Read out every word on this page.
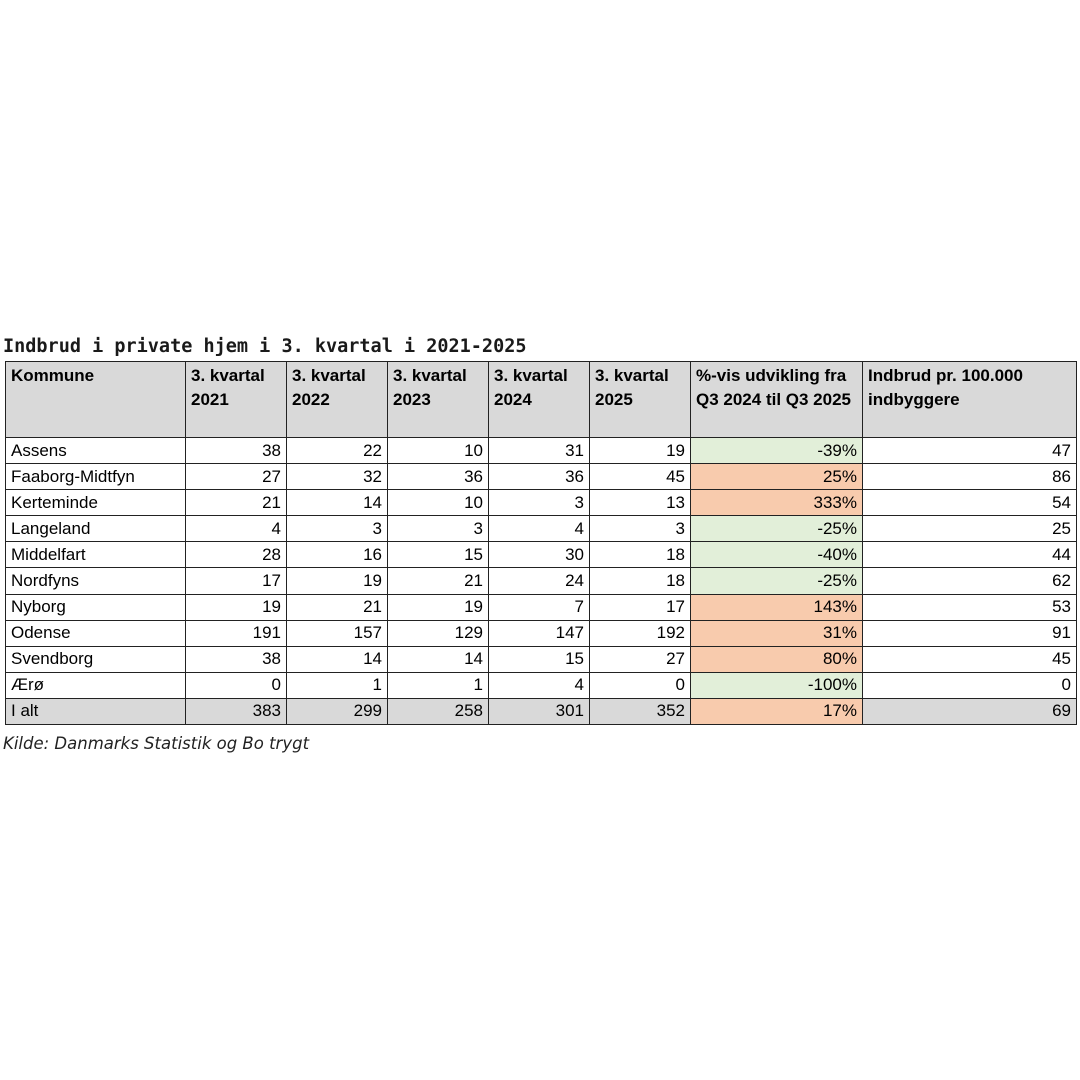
Indbrud i private hjem i 3. kvartal i 2021-2025
Kommune	3. kvartal 2021	3. kvartal 2022	3. kvartal 2023	3. kvartal 2024	3. kvartal 2025	%-vis udvikling fra Q3 2024 til Q3 2025	Indbrud pr. 100.000 indbyggere
Assens	38	22	10	31	19	-39%	47
Faaborg-Midtfyn	27	32	36	36	45	25%	86
Kerteminde	21	14	10	3	13	333%	54
Langeland	4	3	3	4	3	-25%	25
Middelfart	28	16	15	30	18	-40%	44
Nordfyns	17	19	21	24	18	-25%	62
Nyborg	19	21	19	7	17	143%	53
Odense	191	157	129	147	192	31%	91
Svendborg	38	14	14	15	27	80%	45
Ærø	0	1	1	4	0	-100%	0
I alt	383	299	258	301	352	17%	69
Kilde: Danmarks Statistik og Bo trygt
